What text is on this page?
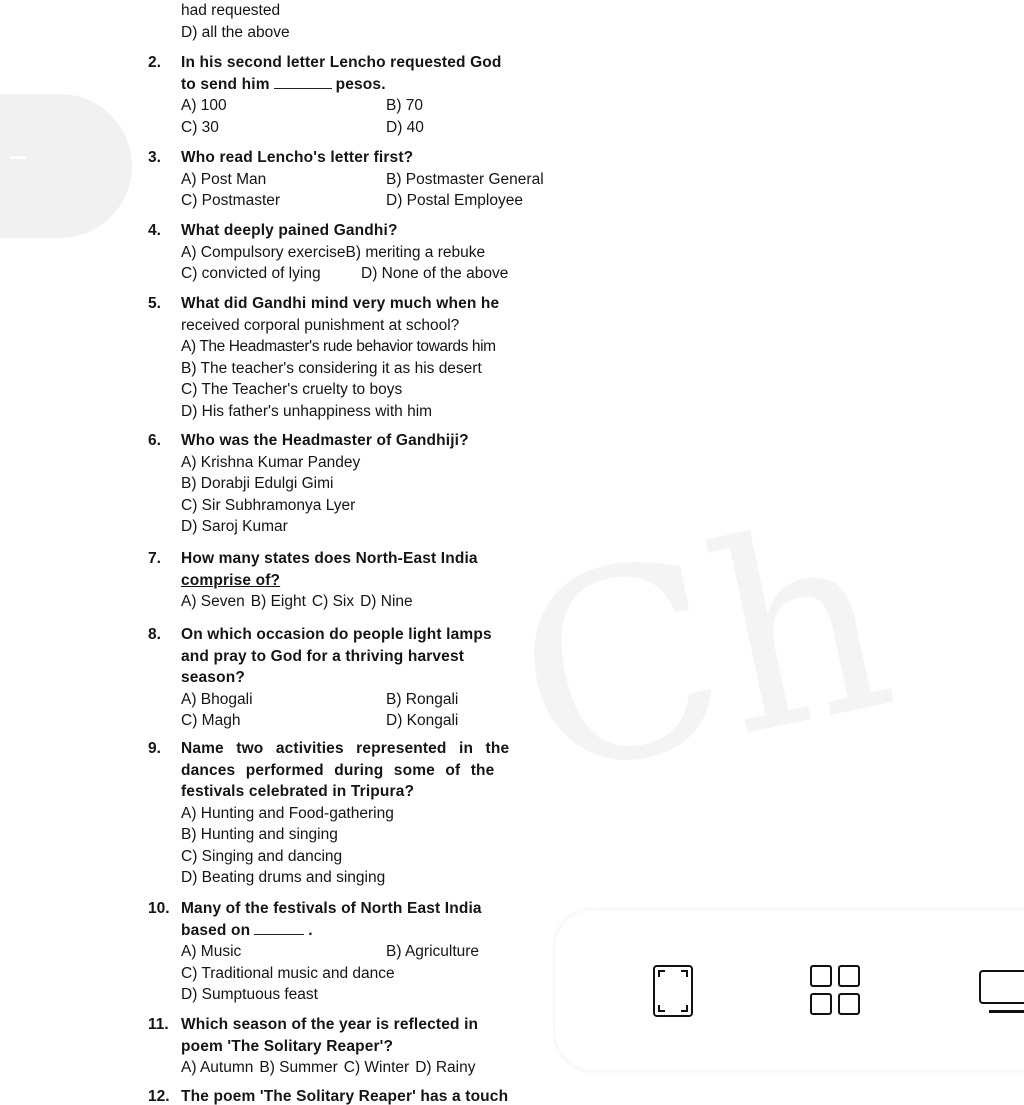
had requested
D) all the above
2.	In his second letter Lencho requested God
to send him	pesos.
A) 100	B) 70
C) 30	D) 40
3.	Who read Lencho's letter first?
A) Post Man	B) Postmaster General
C) Postmaster	D) Postal Employee
4.	What deeply pained Gandhi?
A) Compulsory exerciseB) meriting a rebuke
C) convicted of lying	D) None of the above
5.	What did Gandhi mind very much when he
received corporal punishment at school?
A) The Headmaster's rude behavior towards him
B) The teacher's considering it as his desert
C) The Teacher's cruelty to boys
D) His father's unhappiness with him
6.	Who was the Headmaster of Gandhiji?
A) Krishna Kumar Pandey
B) Dorabji Edulgi Gimi
C) Sir Subhramonya Lyer
D) Saroj Kumar
7.	How many states does North-East India
comprise of?
A) Seven B) Eight C) Six D) Nine
8.	On which occasion do people light lamps
and pray to God for a thriving harvest
season?
A) Bhogali	B) Rongali
C) Magh	D) Kongali
9.	Name two activities represented in the
dances performed during some of the
festivals celebrated in Tripura?
A) Hunting and Food-gathering
B) Hunting and singing
C) Singing and dancing
D) Beating drums and singing
10. Many of the festivals of North East India
based on	.
A) Music	B) Agriculture
C) Traditional music and dance
D) Sumptuous feast
11. Which season of the year is reflected in
poem 'The Solitary Reaper'?
A) Autumn B) Summer C) Winter D) Rainy
12. The poem 'The Solitary Reaper' has a touch
